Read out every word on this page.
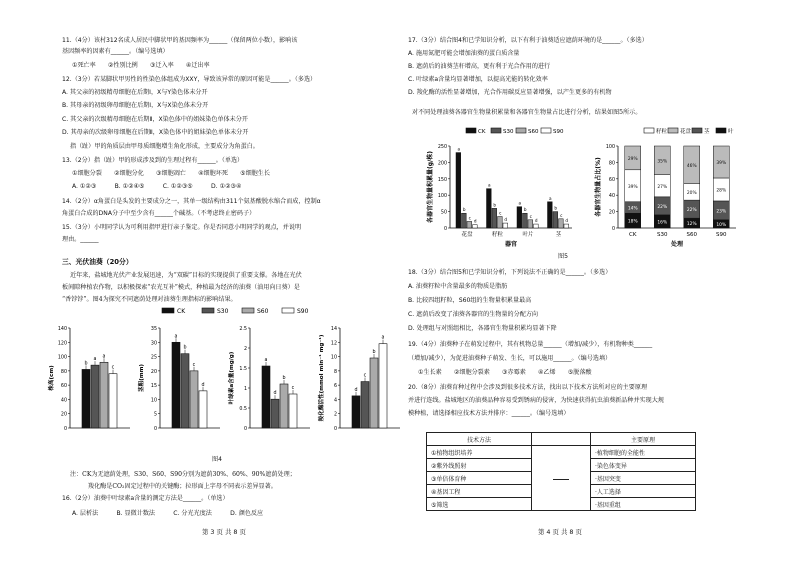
11.（4分）该村312名成人居民中脚状甲的基因频率为______（保留两位小数），影响该
基因频率的因素有______。（编号选填）
①死亡率　　②性别比例　　③迁入率　　④迁出率
12.（3分）若某脚状甲男性的性染色体组成为XXY，导致该异常的原因可能是______。（多选）
A. 其父亲的初级精母细胞在后期Ⅰ，X与Y染色体未分开
B. 其母亲的初级卵母细胞在后期Ⅰ，X与X染色体未分开
C. 其父亲的次级精母细胞在后期Ⅱ，X染色体中的姐妹染色单体未分开
D. 其母亲的次级卵母细胞在后期Ⅱ，X染色体中的姐妹染色单体未分开
指（趾）甲的角质层由甲母质细胞增生角化形成，主要成分为角蛋白。
13.（2分）指（趾）甲的形成涉及到的生理过程有______。（单选）
①细胞分裂　　②细胞分化　　③细胞凋亡　　④细胞坏死　　⑤细胞生长
A. ①②③　　　B. ①②④⑤　　　C. ①②③⑤　　　D. ①②③④
14.（2分）α角蛋白是头发的主要成分之一，其单一级结构由311个氨基酸脱水缩合而成，控制α
角蛋白合成的DNA分子中至少含有______个碱基。（不考虑终止密码子）
15.（3分）小明同学认为可利用指甲进行亲子鉴定。你是否同意小明同学的观点，并说明
理由。______
三、光伏油葵（20分）
近年来，盐城地光伏产业发展迅速，为“双碳”目标的实现提供了重要支撑。各地在光伏
板间隙种植农作物，以积极探索“农光互补”模式，种植最为经济的油葵（油用向日葵）是
“香饽饽”。图4为探究不同遮荫处理对油葵生理指标的影响结果。
CK	S30	S60	S90
0
20
40
60
80
100
120
140
株高(cm)
b
a
a
c
0
5
10
15
20
25
30
35
茎粗(mm)
a
b
c
d
0
0.5
1
1.5
2
2.5
叶绿素a含量(mg/g)	a
d
b
c
0
2
4
6
8
10
12
14
羧化酶活性(mmol min⁻¹ mg⁻¹)	d
c
b
a
图4
注：CK为无遮荫处理，S30、S60、S90分别为遮荫30%、60%、90%遮荫处理；
羧化酶是CO₂固定过程中的关键酶；拉形面上字母不同表示差异显著。
16.（2分）油葵中叶绿素a含量的测定方法是______。（单选）
A. 层析法　　　B. 显微计数法　　　C. 分光光度法　　　D. 颜色反应
第 3 页 共 8 页
17.（3分）结合图4和已学知识分析，以下有利于油葵适应遮荫环境的是______。（多选）
A. 施用氮肥可能会增加油葵的蛋白质含量
B. 遮荫后的油葵茎秆增高，更有利于光合作用的进行
C. 叶绿素a含量均显著增加，以提高光能的转化效率
D. 羧化酶的活性显著增加，光合作用碳反应显著增强，以产生更多的有机物
对不同处理油葵各器官生物量积累量和各器官生物量占比进行分析，结果如图5所示。
CK	S30	S60	S90
0
50
100
150
200
250
各器官生物量积累量(g/株)
a
b
c
d
花盘
a
b
c
d
籽粒
a
b
c
d
叶片
a
b
c
d
茎
器官
籽粒 花盘 茎	叶
0
20
40
60
80
100
各器官生物量占比(%)
18%
14%
39%
29%
CK
16%
22%
27%
35%
S30
12%
22%
20%
46%
S60
10%
23%
28%
39%
S90
处理
图5
18.（3分）结合图5和已学知识分析，下列说法不正确的是______。（多选）
A. 油葵籽粒中含量最多的物质是脂肪
B. 比较四组籽粒，S60组的生物量积累量最高
C. 遮荫后改变了油葵各器官的生物量的分配方向
D. 处理组与对照组相比，各器官生物量积累均显著下降
19.（4分）油葵种子在萌发过程中，其有机物总量______（增加/减少），有机物种类______
（增加/减少），为促进油葵种子萌发、生长，可以施用______。（编号选填）
①生长素　　②细胞分裂素　　③赤霉素　　④乙烯　　⑤脱落酸
20.（8分）油葵育种过程中会涉及到很多技术方法，找出以下技术方法所对应的主要原理
并进行连线。盐城地区的油葵品种容易受到锈病的侵害，为快速获得抗虫油葵新品种并实现大规
模种植，请选择相应技术方法并排序：______。（编号选填）
技术方法		主要原理
①植物组织培养		·植物细胞的全能性
②紫外线照射		·染色体变异
③单倍体育种		·基因突变
④基因工程		·人工选择
⑤筛选		·基因重组
第 4 页 共 8 页
